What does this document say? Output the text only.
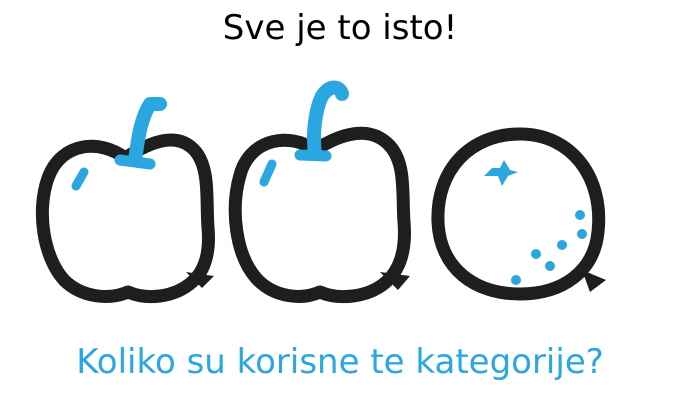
Sve je to isto!
Koliko su korisne te kategorije?
